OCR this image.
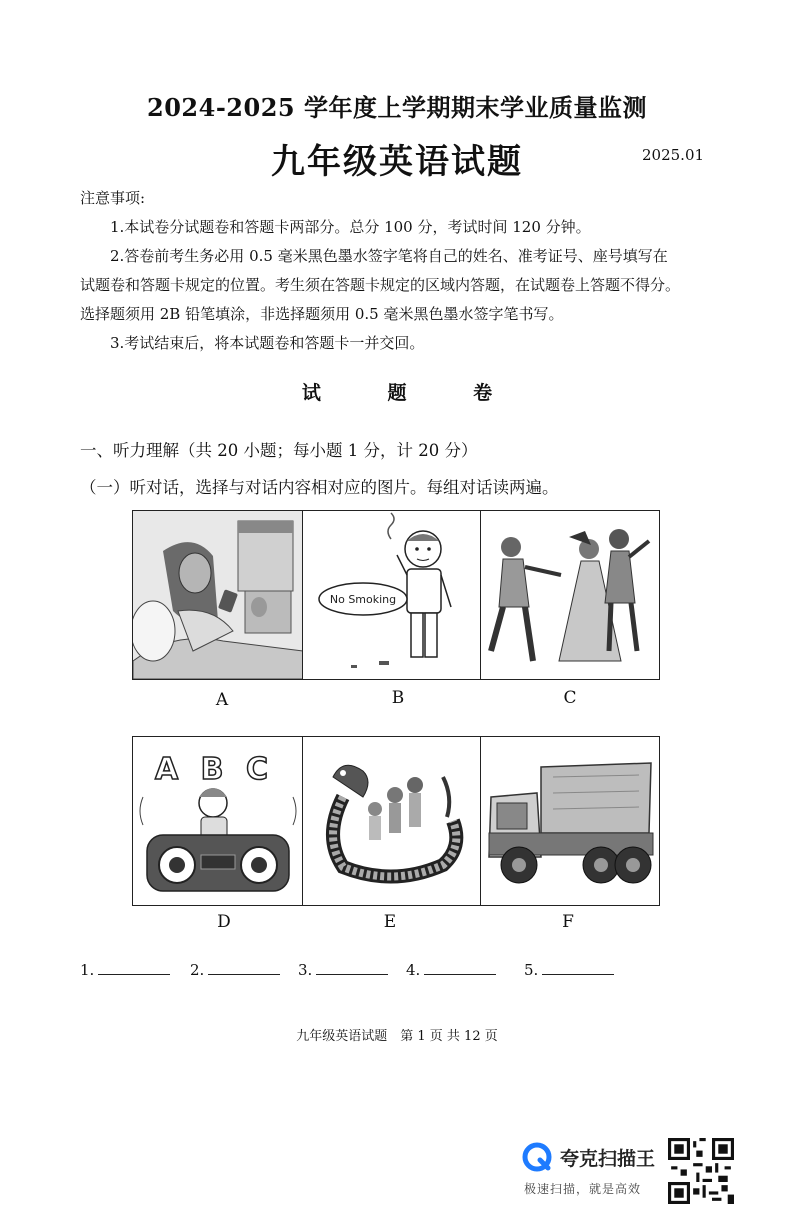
2024-2025 学年度上学期期末学业质量监测
九年级英语试题	2025.01
注意事项:
1.本试卷分试题卷和答题卡两部分。总分 100 分，考试时间 120 分钟。
2.答卷前考生务必用 0.5 毫米黑色墨水签字笔将自己的姓名、准考证号、座号填写在
试题卷和答题卡规定的位置。考生须在答题卡规定的区域内答题，在试题卷上答题不得分。
选择题须用 2B 铅笔填涂，非选择题须用 0.5 毫米黑色墨水签字笔书写。
3.考试结束后，将本试题卷和答题卡一并交回。
试	题	卷
一、听力理解（共 20 小题；每小题 1 分，计 20 分）
（一）听对话，选择与对话内容相对应的图片。每组对话读两遍。
No Smoking
A B C
A	B	C
D	E	F
1.	2.	3.	4.	5.
九年级英语试题　第 1 页 共 12 页
夸克扫描王
极速扫描，就是高效
